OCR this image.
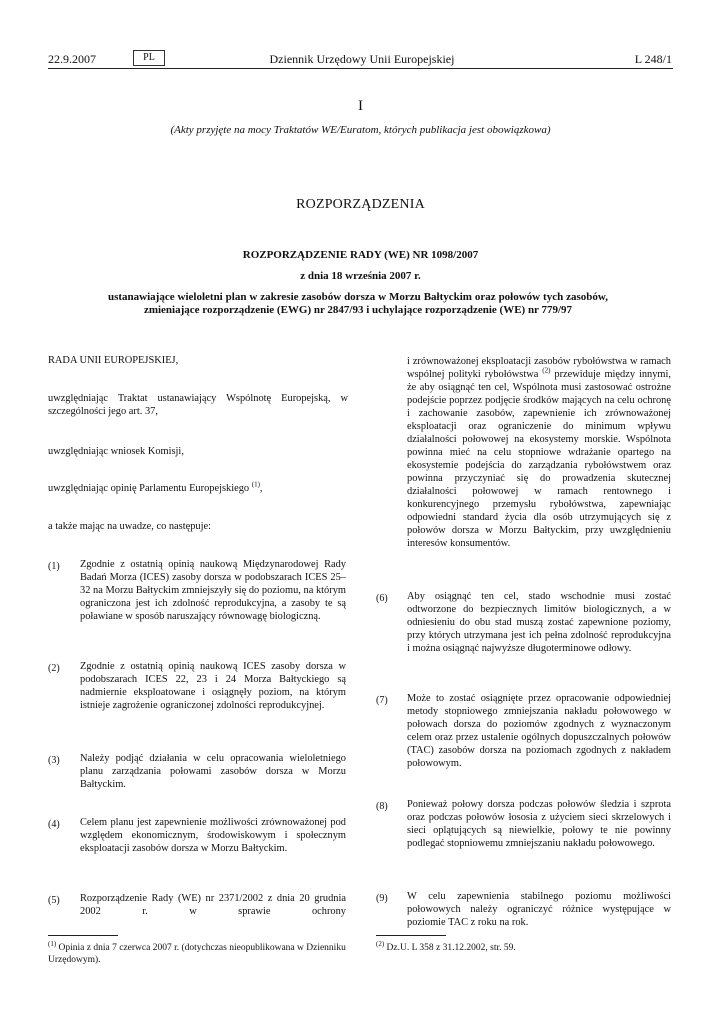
22.9.2007	PL	Dziennik Urzędowy Unii Europejskiej	L 248/1
I
(Akty przyjęte na mocy Traktatów WE/Euratom, których publikacja jest obowiązkowa)
ROZPORZĄDZENIA
ROZPORZĄDZENIE RADY (WE) NR 1098/2007
z dnia 18 września 2007 r.
ustanawiające wieloletni plan w zakresie zasobów dorsza w Morzu Bałtyckim oraz połowów tych zasobów, zmieniające rozporządzenie (EWG) nr 2847/93 i uchylające rozporządzenie (WE) nr 779/97
RADA UNII EUROPEJSKIEJ,
uwzględniając Traktat ustanawiający Wspólnotę Europejską, w szczególności jego art. 37,
uwzględniając wniosek Komisji,
uwzględniając opinię Parlamentu Europejskiego $^{(1)}$,
a także mając na uwadze, co następuje:
(1) Zgodnie z ostatnią opinią naukową Międzynarodowej Rady Badań Morza (ICES) zasoby dorsza w podobszarach ICES 25–32 na Morzu Bałtyckim zmniejszyły się do poziomu, na którym ograniczona jest ich zdolność reprodukcyjna, a zasoby te są poławiane w sposób naruszający równowagę biologiczną.
(2) Zgodnie z ostatnią opinią naukową ICES zasoby dorsza w podobszarach ICES 22, 23 i 24 Morza Bałtyckiego są nadmiernie eksploatowane i osiągnęły poziom, na którym istnieje zagrożenie ograniczonej zdolności reprodukcyjnej.
(3) Należy podjąć działania w celu opracowania wieloletniego planu zarządzania połowami zasobów dorsza w Morzu Bałtyckim.
(4) Celem planu jest zapewnienie możliwości zrównoważonej pod względem ekonomicznym, środowiskowym i społecznym eksploatacji zasobów dorsza w Morzu Bałtyckim.
(5) Rozporządzenie Rady (WE) nr 2371/2002 z dnia 20 grudnia 2002 r. w sprawie ochrony
$^{(1)}$ Opinia z dnia 7 czerwca 2007 r. (dotychczas nieopublikowana w Dzienniku Urzędowym).
i zrównoważonej eksploatacji zasobów rybołówstwa w ramach wspólnej polityki rybołówstwa $^{(2)}$ przewiduje między innymi, że aby osiągnąć ten cel, Wspólnota musi zastosować ostrożne podejście poprzez podjęcie środków mających na celu ochronę i zachowanie zasobów, zapewnienie ich zrównoważonej eksploatacji oraz ograniczenie do minimum wpływu działalności połowowej na ekosystemy morskie. Wspólnota powinna mieć na celu stopniowe wdrażanie opartego na ekosystemie podejścia do zarządzania rybołówstwem oraz powinna przyczyniać się do prowadzenia skutecznej działalności połowowej w ramach rentownego i konkurencyjnego przemysłu rybołówstwa, zapewniając odpowiedni standard życia dla osób utrzymujących się z połowów dorsza w Morzu Bałtyckim, przy uwzględnieniu interesów konsumentów.
(6) Aby osiągnąć ten cel, stado wschodnie musi zostać odtworzone do bezpiecznych limitów biologicznych, a w odniesieniu do obu stad muszą zostać zapewnione poziomy, przy których utrzymana jest ich pełna zdolność reprodukcyjna i można osiągnąć najwyższe długoterminowe odłowy.
(7) Może to zostać osiągnięte przez opracowanie odpowiedniej metody stopniowego zmniejszania nakładu połowowego w połowach dorsza do poziomów zgodnych z wyznaczonym celem oraz przez ustalenie ogólnych dopuszczalnych połowów (TAC) zasobów dorsza na poziomach zgodnych z nakładem połowowym.
(8) Ponieważ połowy dorsza podczas połowów śledzia i szprota oraz podczas połowów łososia z użyciem sieci skrzelowych i sieci oplątujących są niewielkie, połowy te nie powinny podlegać stopniowemu zmniejszaniu nakładu połowowego.
(9) W celu zapewnienia stabilnego poziomu możliwości połowowych należy ograniczyć różnice występujące w poziomie TAC z roku na rok.
$^{(2)}$ Dz.U. L 358 z 31.12.2002, str. 59.
